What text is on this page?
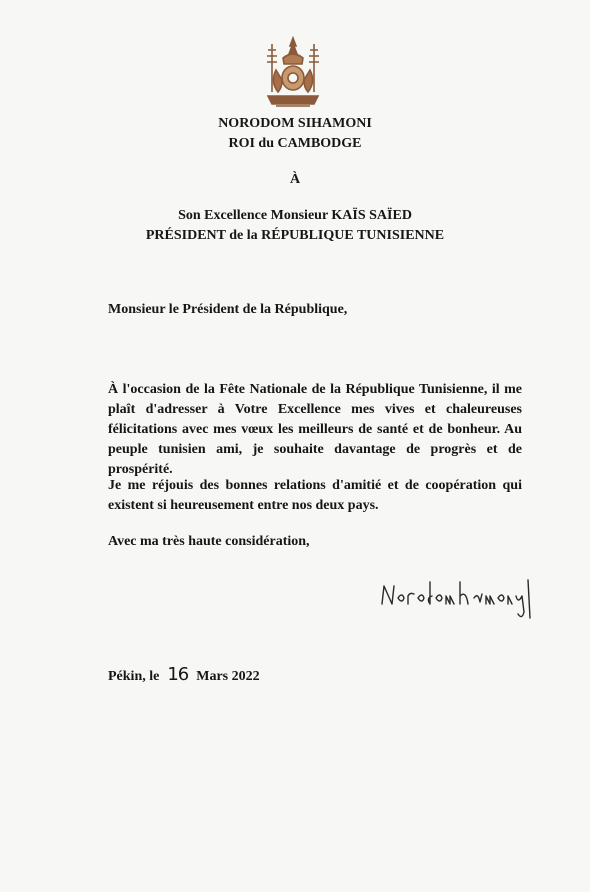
NORODOM SIHAMONI
ROI du CAMBODGE
À
Son Excellence Monsieur KAÏS SAÏED
PRÉSIDENT de la RÉPUBLIQUE TUNISIENNE
Monsieur le Président de la République,
À l'occasion de la Fête Nationale de la République Tunisienne, il me plaît d'adresser à Votre Excellence mes vives et chaleureuses félicitations avec mes vœux les meilleurs de santé et de bonheur. Au peuple tunisien ami, je souhaite davantage de progrès et de prospérité.
Je me réjouis des bonnes relations d'amitié et de coopération qui existent si heureusement entre nos deux pays.
Avec ma très haute considération,
Pékin, le 16 Mars 2022
